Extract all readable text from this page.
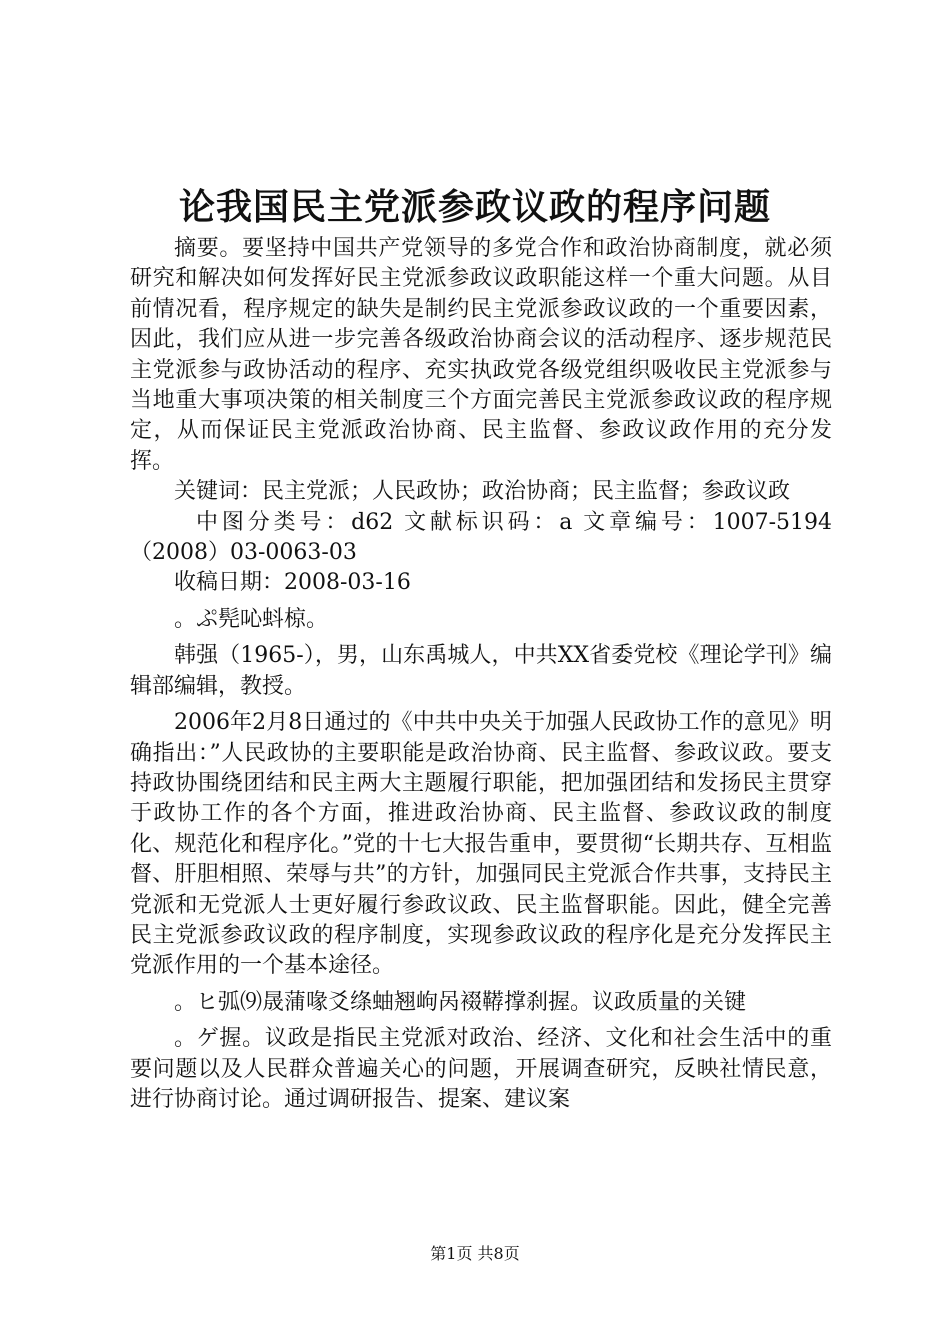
论我国民主党派参政议政的程序问题

摘要。要坚持中国共产党领导的多党合作和政治协商制度，就必须研究和解决如何发挥好民主党派参政议政职能这样一个重大问题。从目前情况看，程序规定的缺失是制约民主党派参政议政的一个重要因素，因此，我们应从进一步完善各级政治协商会议的活动程序、逐步规范民主党派参与政协活动的程序、充实执政党各级党组织吸收民主党派参与当地重大事项决策的相关制度三个方面完善民主党派参政议政的程序规定，从而保证民主党派政治协商、民主监督、参政议政作用的充分发挥。

关键词：民主党派；人民政协；政治协商；民主监督；参政议政

中图分类号：d62 文献标识码：a 文章编号：1007-5194（2008）03-0063-03

收稿日期：2008-03-16

。ぷ髡吣蚪椋。

韩强（1965-），男，山东禹城人，中共XX省委党校《理论学刊》编辑部编辑，教授。

2006年2月8日通过的《中共中央关于加强人民政协工作的意见》明确指出：”人民政协的主要职能是政治协商、民主监督、参政议政。要支持政协围绕团结和民主两大主题履行职能，把加强团结和发扬民主贯穿于政协工作的各个方面，推进政治协商、民主监督、参政议政的制度化、规范化和程序化。”党的十七大报告重申，要贯彻“长期共存、互相监督、肝胆相照、荣辱与共”的方针，加强同民主党派合作共事，支持民主党派和无党派人士更好履行参政议政、民主监督职能。因此，健全完善民主党派参政议政的程序制度，实现参政议政的程序化是充分发挥民主党派作用的一个基本途径。

。ヒ弧⑼晟蒲喙爻绦蚰翘岣呙裰鞯撑刹握。议政质量的关键

。ゲ握。议政是指民主党派对政治、经济、文化和社会生活中的重要问题以及人民群众普遍关心的问题，开展调查研究，反映社情民意，进行协商讨论。通过调研报告、提案、建议案

第1页 共8页
